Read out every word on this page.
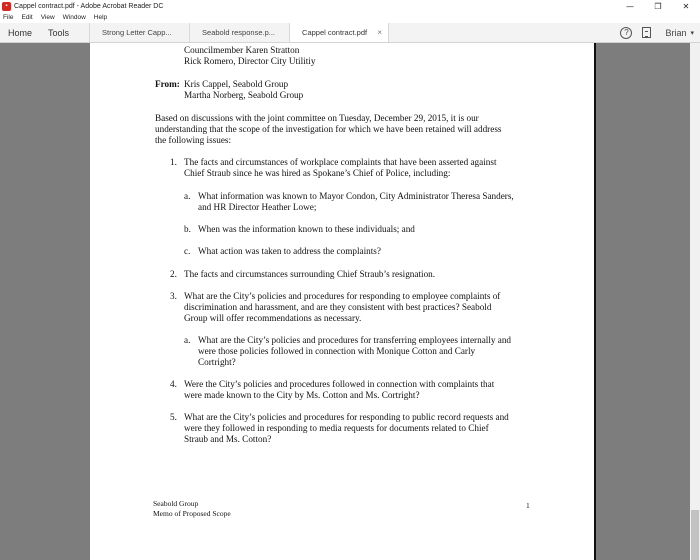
▪ Cappel contract.pdf - Adobe Acrobat Reader DC	—	❐	✕
File Edit View Window Help
Home	Tools	Strong Letter Capp...	Seabold response.p...	Cappel contract.pdf ×	?	Brian ▾
Councilmember Karen Stratton
Rick Romero, Director City Utilitiy
From: Kris Cappel, Seabold Group
Martha Norberg, Seabold Group
Based on discussions with the joint committee on Tuesday, December 29, 2015, it is our
understanding that the scope of the investigation for which we have been retained will address
the following issues:
1. The facts and circumstances of workplace complaints that have been asserted against
Chief Straub since he was hired as Spokane’s Chief of Police, including:
a. What information was known to Mayor Condon, City Administrator Theresa Sanders,
and HR Director Heather Lowe;
b. When was the information known to these individuals; and
c. What action was taken to address the complaints?
2. The facts and circumstances surrounding Chief Straub’s resignation.
3. What are the City’s policies and procedures for responding to employee complaints of
discrimination and harassment, and are they consistent with best practices? Seabold
Group will offer recommendations as necessary.
a. What are the City’s policies and procedures for transferring employees internally and
were those policies followed in connection with Monique Cotton and Carly
Cortright?
4. Were the City’s policies and procedures followed in connection with complaints that
were made known to the City by Ms. Cotton and Ms. Cortright?
5. What are the City’s policies and procedures for responding to public record requests and
were they followed in responding to media requests for documents related to Chief
Straub and Ms. Cotton?
Seabold Group
Memo of Proposed Scope
1
